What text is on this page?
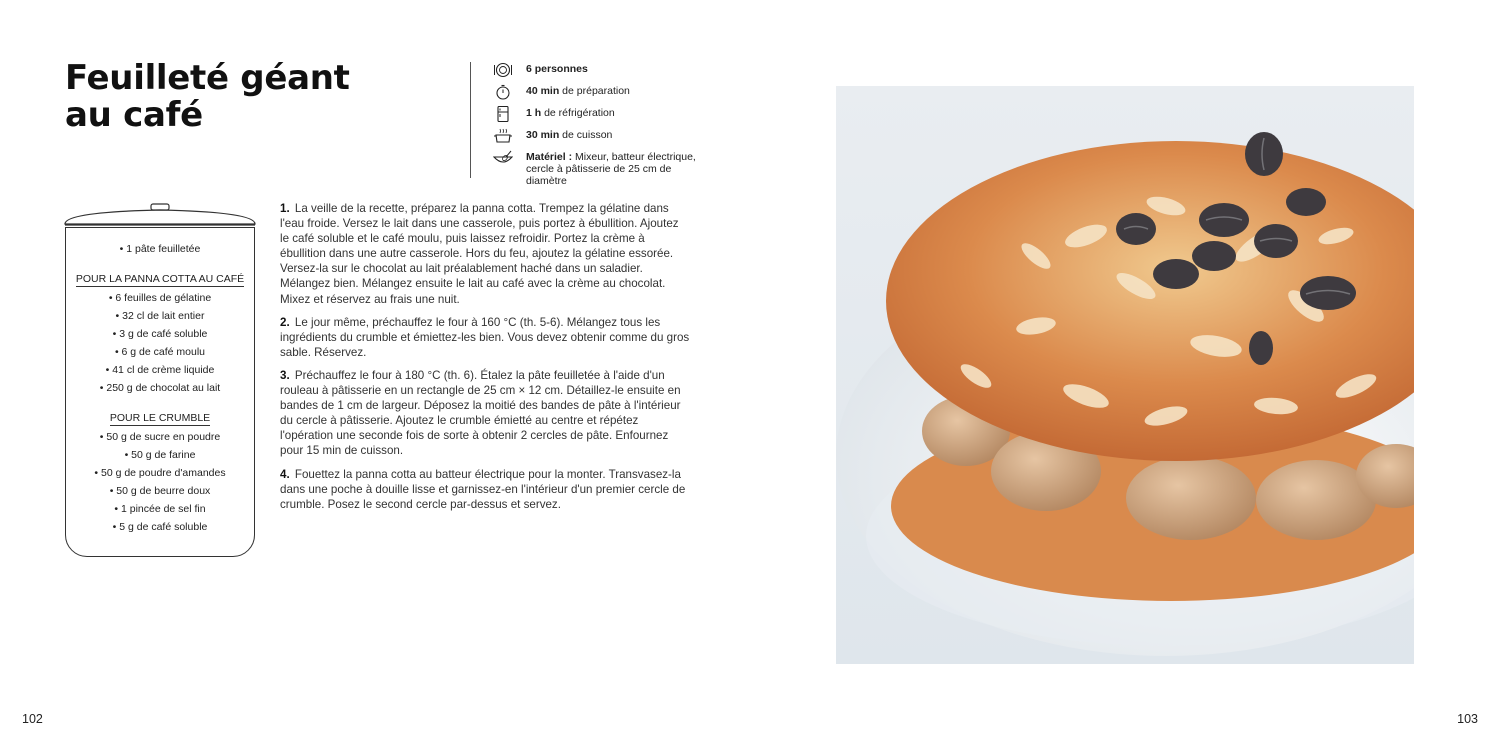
Feuilleté géant
au café
6 personnes
40 min de préparation
1 h de réfrigération
30 min de cuisson
Matériel : Mixeur, batteur électrique, cercle à pâtisserie de 25 cm de diamètre
• 1 pâte feuilletée
POUR LA PANNA COTTA AU CAFÉ
• 6 feuilles de gélatine
• 32 cl de lait entier
• 3 g de café soluble
• 6 g de café moulu
• 41 cl de crème liquide
• 250 g de chocolat au lait
POUR LE CRUMBLE
• 50 g de sucre en poudre
• 50 g de farine
• 50 g de poudre d'amandes
• 50 g de beurre doux
• 1 pincée de sel fin
• 5 g de café soluble

1. La veille de la recette, préparez la panna cotta. Trempez la gélatine dans l'eau froide. Versez le lait dans une casserole, puis portez à ébullition. Ajoutez le café soluble et le café moulu, puis laissez refroidir. Portez la crème à ébullition dans une autre casserole. Hors du feu, ajoutez la gélatine essorée. Versez-la sur le chocolat au lait préalablement haché dans un saladier. Mélangez bien. Mélangez ensuite le lait au café avec la crème au chocolat. Mixez et réservez au frais une nuit.

2. Le jour même, préchauffez le four à 160 °C (th. 5-6). Mélangez tous les ingrédients du crumble et émiettez-les bien. Vous devez obtenir comme du gros sable. Réservez.

3. Préchauffez le four à 180 °C (th. 6). Étalez la pâte feuilletée à l'aide d'un rouleau à pâtisserie en un rectangle de 25 cm × 12 cm. Détaillez-le ensuite en bandes de 1 cm de largeur. Déposez la moitié des bandes de pâte à l'intérieur du cercle à pâtisserie. Ajoutez le crumble émietté au centre et répétez l'opération une seconde fois de sorte à obtenir 2 cercles de pâte. Enfournez pour 15 min de cuisson.

4. Fouettez la panna cotta au batteur électrique pour la monter. Transvasez-la dans une poche à douille lisse et garnissez-en l'intérieur d'un premier cercle de crumble. Posez le second cercle par-dessus et servez.

102	103
